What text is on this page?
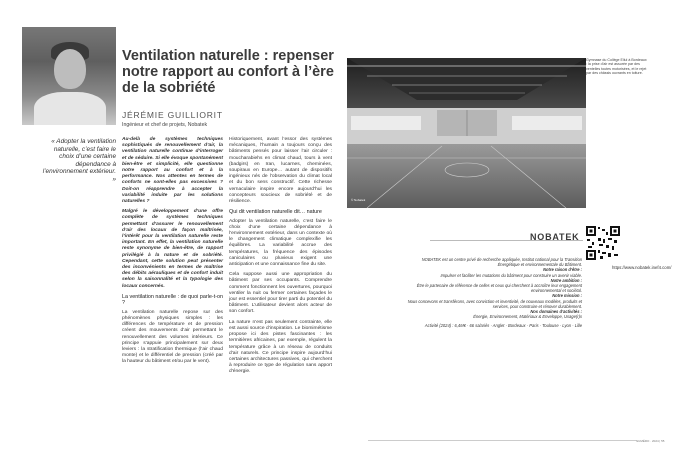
Ventilation naturelle : repenser notre rapport au confort à l’ère de la sobriété
JÉRÉMIE GUILLIORIT
Ingénieur et chef de projets, Nobatek
« Adopter la ventilation naturelle, c’est faire le choix d’une certaine dépendance à l’environnement extérieur. »

Au-delà de systèmes techniques sophistiqués de renouvellement d’air, la ventilation naturelle continue d’interroger et de séduire. Si elle évoque spontanément bien-être et simplicité, elle questionne notre rapport au confort et à la performance. Nos attentes en termes de conforts ne sont-elles pas excessives ? Doit-on réapprendre à accepter la variabilité induite par les solutions naturelles ?

Malgré le développement d’une offre complète de systèmes techniques permettant d’assurer le renouvellement d’air des locaux de façon maîtrisée, l’intérêt pour la ventilation naturelle reste important. En effet, la ventilation naturelle reste synonyme de bien-être, de rapport privilégié à la nature et de sobriété. Cependant, cette solution peut présenter des inconvénients en termes de maîtrise des débits aérauliques et de confort induit selon la saisonnalité et la typologie des locaux concernés.

La ventilation naturelle : de quoi parle-t-on ?

La ventilation naturelle repose sur des phénomènes physiques simples : les différences de température et de pression créent des mouvements d’air permettant le renouvellement des volumes intérieurs. Ce principe s’appuie principalement sur deux leviers : la stratification thermique (l’air chaud monte) et le différentiel de pression (créé par la hauteur du bâtiment et/ou par le vent).

Historiquement, avant l’essor des systèmes mécaniques, l’humain a toujours conçu des bâtiments pensés pour laisser l’air circuler : moucharabiehs en climat chaud, tours à vent (badgirs) en Iran, lucarnes, cheminées, soupiraux en Europe… autant de dispositifs ingénieux nés de l’observation du climat local et du bon sens constructif. Cette richesse vernaculaire inspire encore aujourd’hui les concepteurs soucieux de sobriété et de résilience.

Qui dit ventilation naturelle dit… nature

Adopter la ventilation naturelle, c’est faire le choix d’une certaine dépendance à l’environnement extérieur, dans un contexte où le changement climatique complexifie les équilibres. La variabilité accrue des températures, la fréquence des épisodes caniculaires ou pluvieux exigent une anticipation et une connaissance fine du site.

Cela suppose aussi une appropriation du bâtiment par ses occupants. Comprendre comment fonctionnent les ouvertures, pourquoi ventiler la nuit ou fermer certaines façades le jour est essentiel pour tirer parti du potentiel du bâtiment. L’utilisateur devient alors acteur de son confort.

La nature n’est pas seulement contrainte, elle est aussi source d’inspiration. Le biomimétisme propose ici des pistes fascinantes : les termitières africaines, par exemple, régulent la température grâce à un réseau de conduits d’air naturels. Ce principe inspire aujourd’hui certaines architectures passives, qui cherchent à reproduire ce type de régulation sans apport d’énergie.

© Nobatek
Gymnase du Collège Ellul à Bordeaux : la prise d’air est assurée par des ventelles toutes motorisées, et le rejet par des châssis ouvrants en toiture.
NOBATEK
https://www.nobatek.inef4.com/
NOBATEK est un centre privé de recherche appliquée, Institut national pour la Transition Énergétique et environnementale du Bâtiment.
Notre raison d’être :
Impulser et faciliter les mutations du bâtiment pour construire un avenir viable.
Notre ambition :
Être le partenaire de référence de celles et ceux qui cherchent à accroître leur engagement environnemental et sociétal.
Notre mission :
Nous concevons et transférons, avec conviction et inventivité, de nouveaux modèles, produits et services, pour construire et rénover durablement.
Nos domaines d’activités :
Énergie, Environnement, Matériaux & Enveloppe, Usage(r)s
Activité (2024) : 6,4M€ · 66 salariés · Anglet · Bordeaux · Paris · Toulouse · Lyon · Lille
NUMÉRO · 2024 | 55
